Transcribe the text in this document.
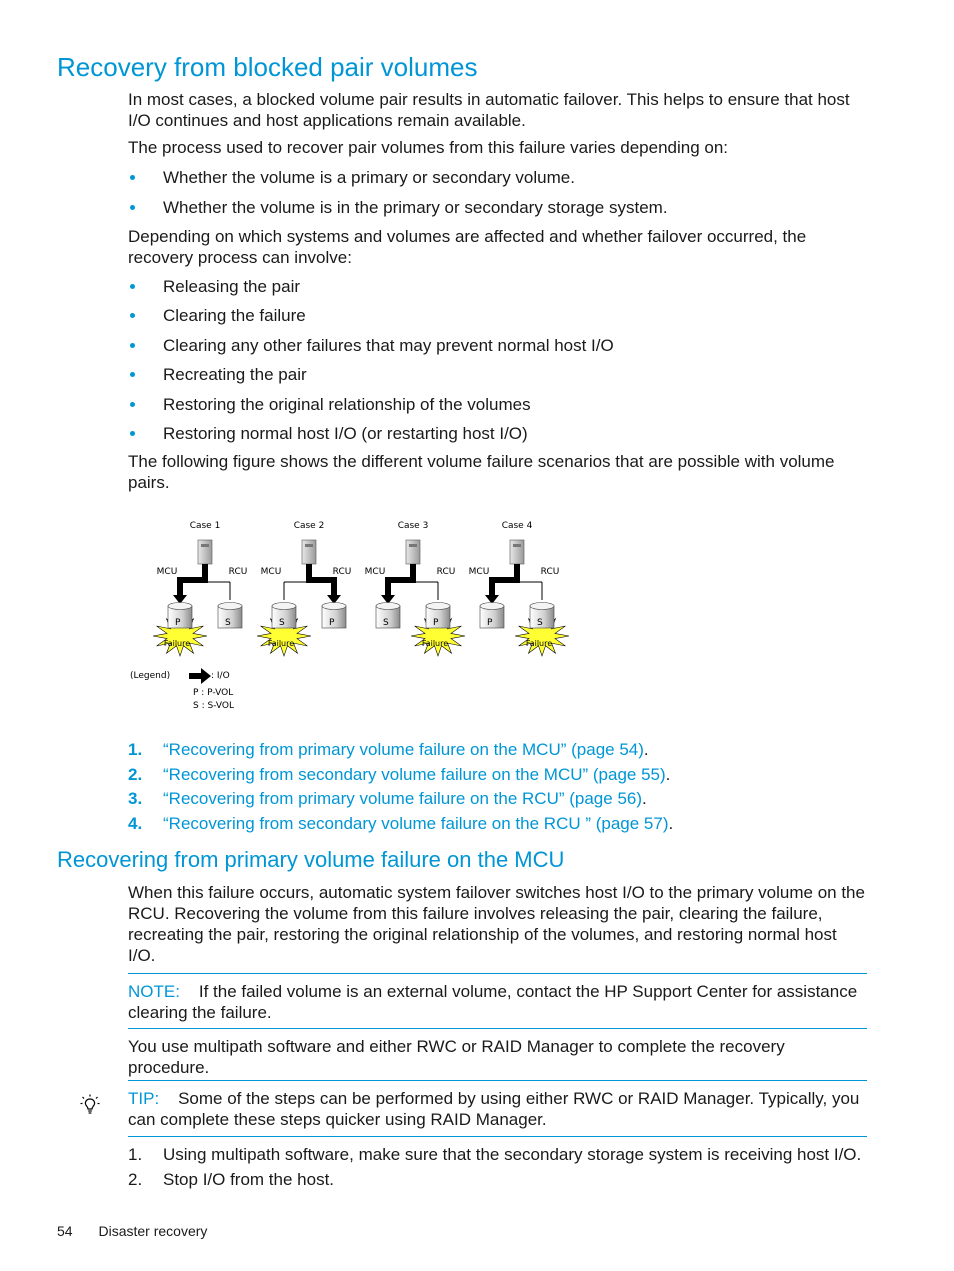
Recovery from blocked pair volumes

In most cases, a blocked volume pair results in automatic failover. This helps to ensure that host I/O continues and host applications remain available.

The process used to recover pair volumes from this failure varies depending on:

Whether the volume is a primary or secondary volume.
Whether the volume is in the primary or secondary storage system.

Depending on which systems and volumes are affected and whether failover occurred, the recovery process can involve:

Releasing the pair
Clearing the failure
Clearing any other failures that may prevent normal host I/O
Recreating the pair
Restoring the original relationship of the volumes
Restoring normal host I/O (or restarting host I/O)

The following figure shows the different volume failure scenarios that are possible with volume pairs.

Case 1
MCU	RCU
P
Failure
S
Case 2
MCU	RCU
S
Failure
P
Case 3
MCU	RCU
S	P
Failure
Case 4
MCU	RCU
P	S
Failure
(Legend)	: I/O
P : P-VOL
S : S-VOL
1. “Recovering from primary volume failure on the MCU” (page 54).
2. “Recovering from secondary volume failure on the MCU” (page 55).
3. “Recovering from primary volume failure on the RCU” (page 56).
4. “Recovering from secondary volume failure on the RCU ” (page 57).
Recovering from primary volume failure on the MCU

When this failure occurs, automatic system failover switches host I/O to the primary volume on the RCU. Recovering the volume from this failure involves releasing the pair, clearing the failure, recreating the pair, restoring the original relationship of the volumes, and restoring normal host I/O.

NOTE: If the failed volume is an external volume, contact the HP Support Center for assistance clearing the failure.

You use multipath software and either RWC or RAID Manager to complete the recovery procedure.

TIP: Some of the steps can be performed by using either RWC or RAID Manager. Typically, you can complete these steps quicker using RAID Manager.

1. Using multipath software, make sure that the secondary storage system is receiving host I/O.
2. Stop I/O from the host.
54 Disaster recovery
